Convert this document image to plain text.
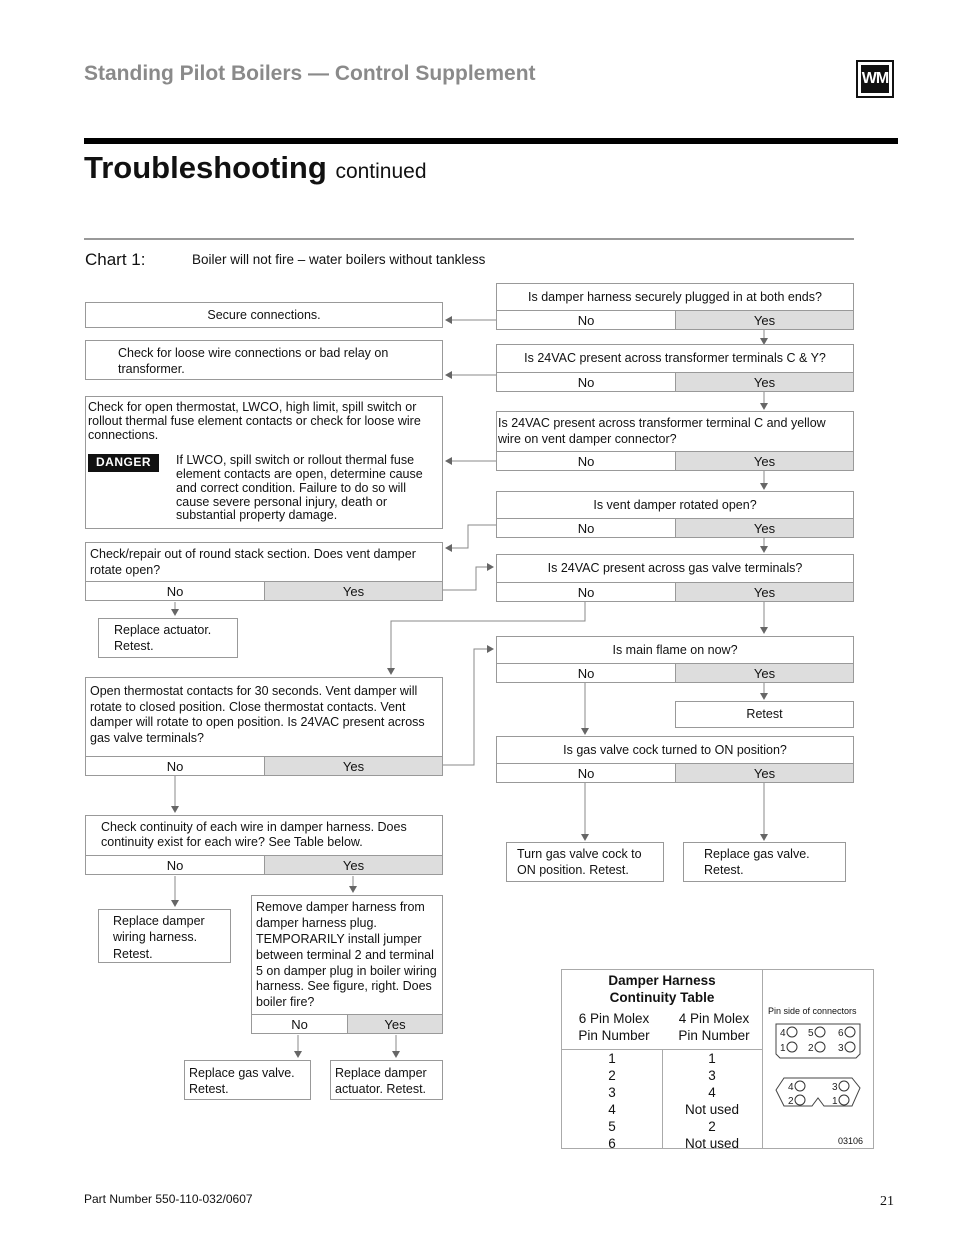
Standing Pilot Boilers — Control Supplement	WM
Troubleshooting continued
Chart 1:	Boiler will not fire – water boilers without tankless
Secure connections.
Check for loose wire connections or bad relay on transformer.
Check for open thermostat, LWCO, high limit, spill switch or rollout thermal fuse element contacts or check for loose wire connections.
DANGER	If LWCO, spill switch or rollout thermal fuse element contacts are open, determine cause and correct condition. Failure to do so will cause severe personal injury, death or substantial property damage.
Check/repair out of round stack section. Does vent damper rotate open?
No	Yes
Replace actuator. Retest.
Open thermostat contacts for 30 seconds. Vent damper will rotate to closed position. Close thermostat contacts. Vent damper will rotate to open position. Is 24VAC present across gas valve terminals?
No	Yes
Check continuity of each wire in damper harness. Does continuity exist for each wire? See Table below.
No	Yes
Replace damper wiring harness. Retest.
Remove damper harness from damper harness plug. TEMPORARILY install jumper between terminal 2 and terminal 5 on damper plug in boiler wiring harness. See figure, right. Does boiler fire?
No	Yes
Replace gas valve. Retest.
Replace damper actuator. Retest.
Is damper harness securely plugged in at both ends?
No	Yes
Is 24VAC present across transformer terminals C & Y?
No	Yes
Is 24VAC present across transformer terminal C and yellow wire on vent damper connector?
No	Yes
Is vent damper rotated open?
No	Yes
Is 24VAC present across gas valve terminals?
No	Yes
Is main flame on now?
No	Yes
Retest
Is gas valve cock turned to ON position?
No	Yes
Turn gas valve cock to ON position. Retest.
Replace gas valve. Retest.
Damper Harness
Continuity Table
6 Pin Molex
Pin Number
4 Pin Molex
Pin Number
1	1
2	3
3	4
4	Not used
5	2
6	Not used
Pin side of connectors
4 5 6
1 2 3
4	3
2	1
03106
Part Number 550-110-032/0607	21
